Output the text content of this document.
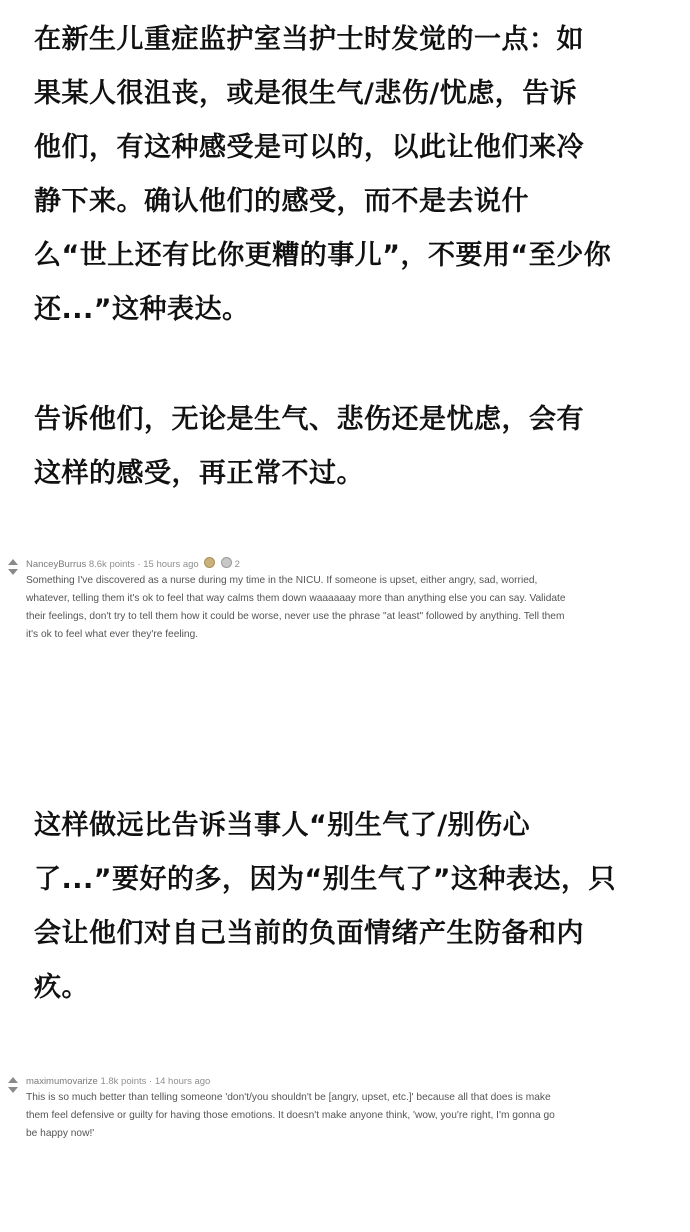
在新生儿重症监护室当护士时发觉的一点：如
果某人很沮丧，或是很生气/悲伤/忧虑，告诉
他们，有这种感受是可以的，以此让他们来冷
静下来。确认他们的感受，而不是去说什
么“世上还有比你更糟的事儿”，不要用“至少你
还...”这种表达。
告诉他们，无论是生气、悲伤还是忧虑，会有
这样的感受，再正常不过。
NanceyBurrus 8.6k points · 15 hours ago	2
Something I've discovered as a nurse during my time in the NICU. If someone is upset, either angry, sad, worried,
whatever, telling them it's ok to feel that way calms them down waaaaaay more than anything else you can say. Validate
their feelings, don't try to tell them how it could be worse, never use the phrase "at least" followed by anything. Tell them
it's ok to feel what ever they're feeling.
这样做远比告诉当事人“别生气了/别伤心
了...”要好的多，因为“别生气了”这种表达，只
会让他们对自己当前的负面情绪产生防备和内
疚。
maximumovarize 1.8k points · 14 hours ago
This is so much better than telling someone 'don't/you shouldn't be [angry, upset, etc.]' because all that does is make
them feel defensive or guilty for having those emotions. It doesn't make anyone think, 'wow, you're right, I'm gonna go
be happy now!'
